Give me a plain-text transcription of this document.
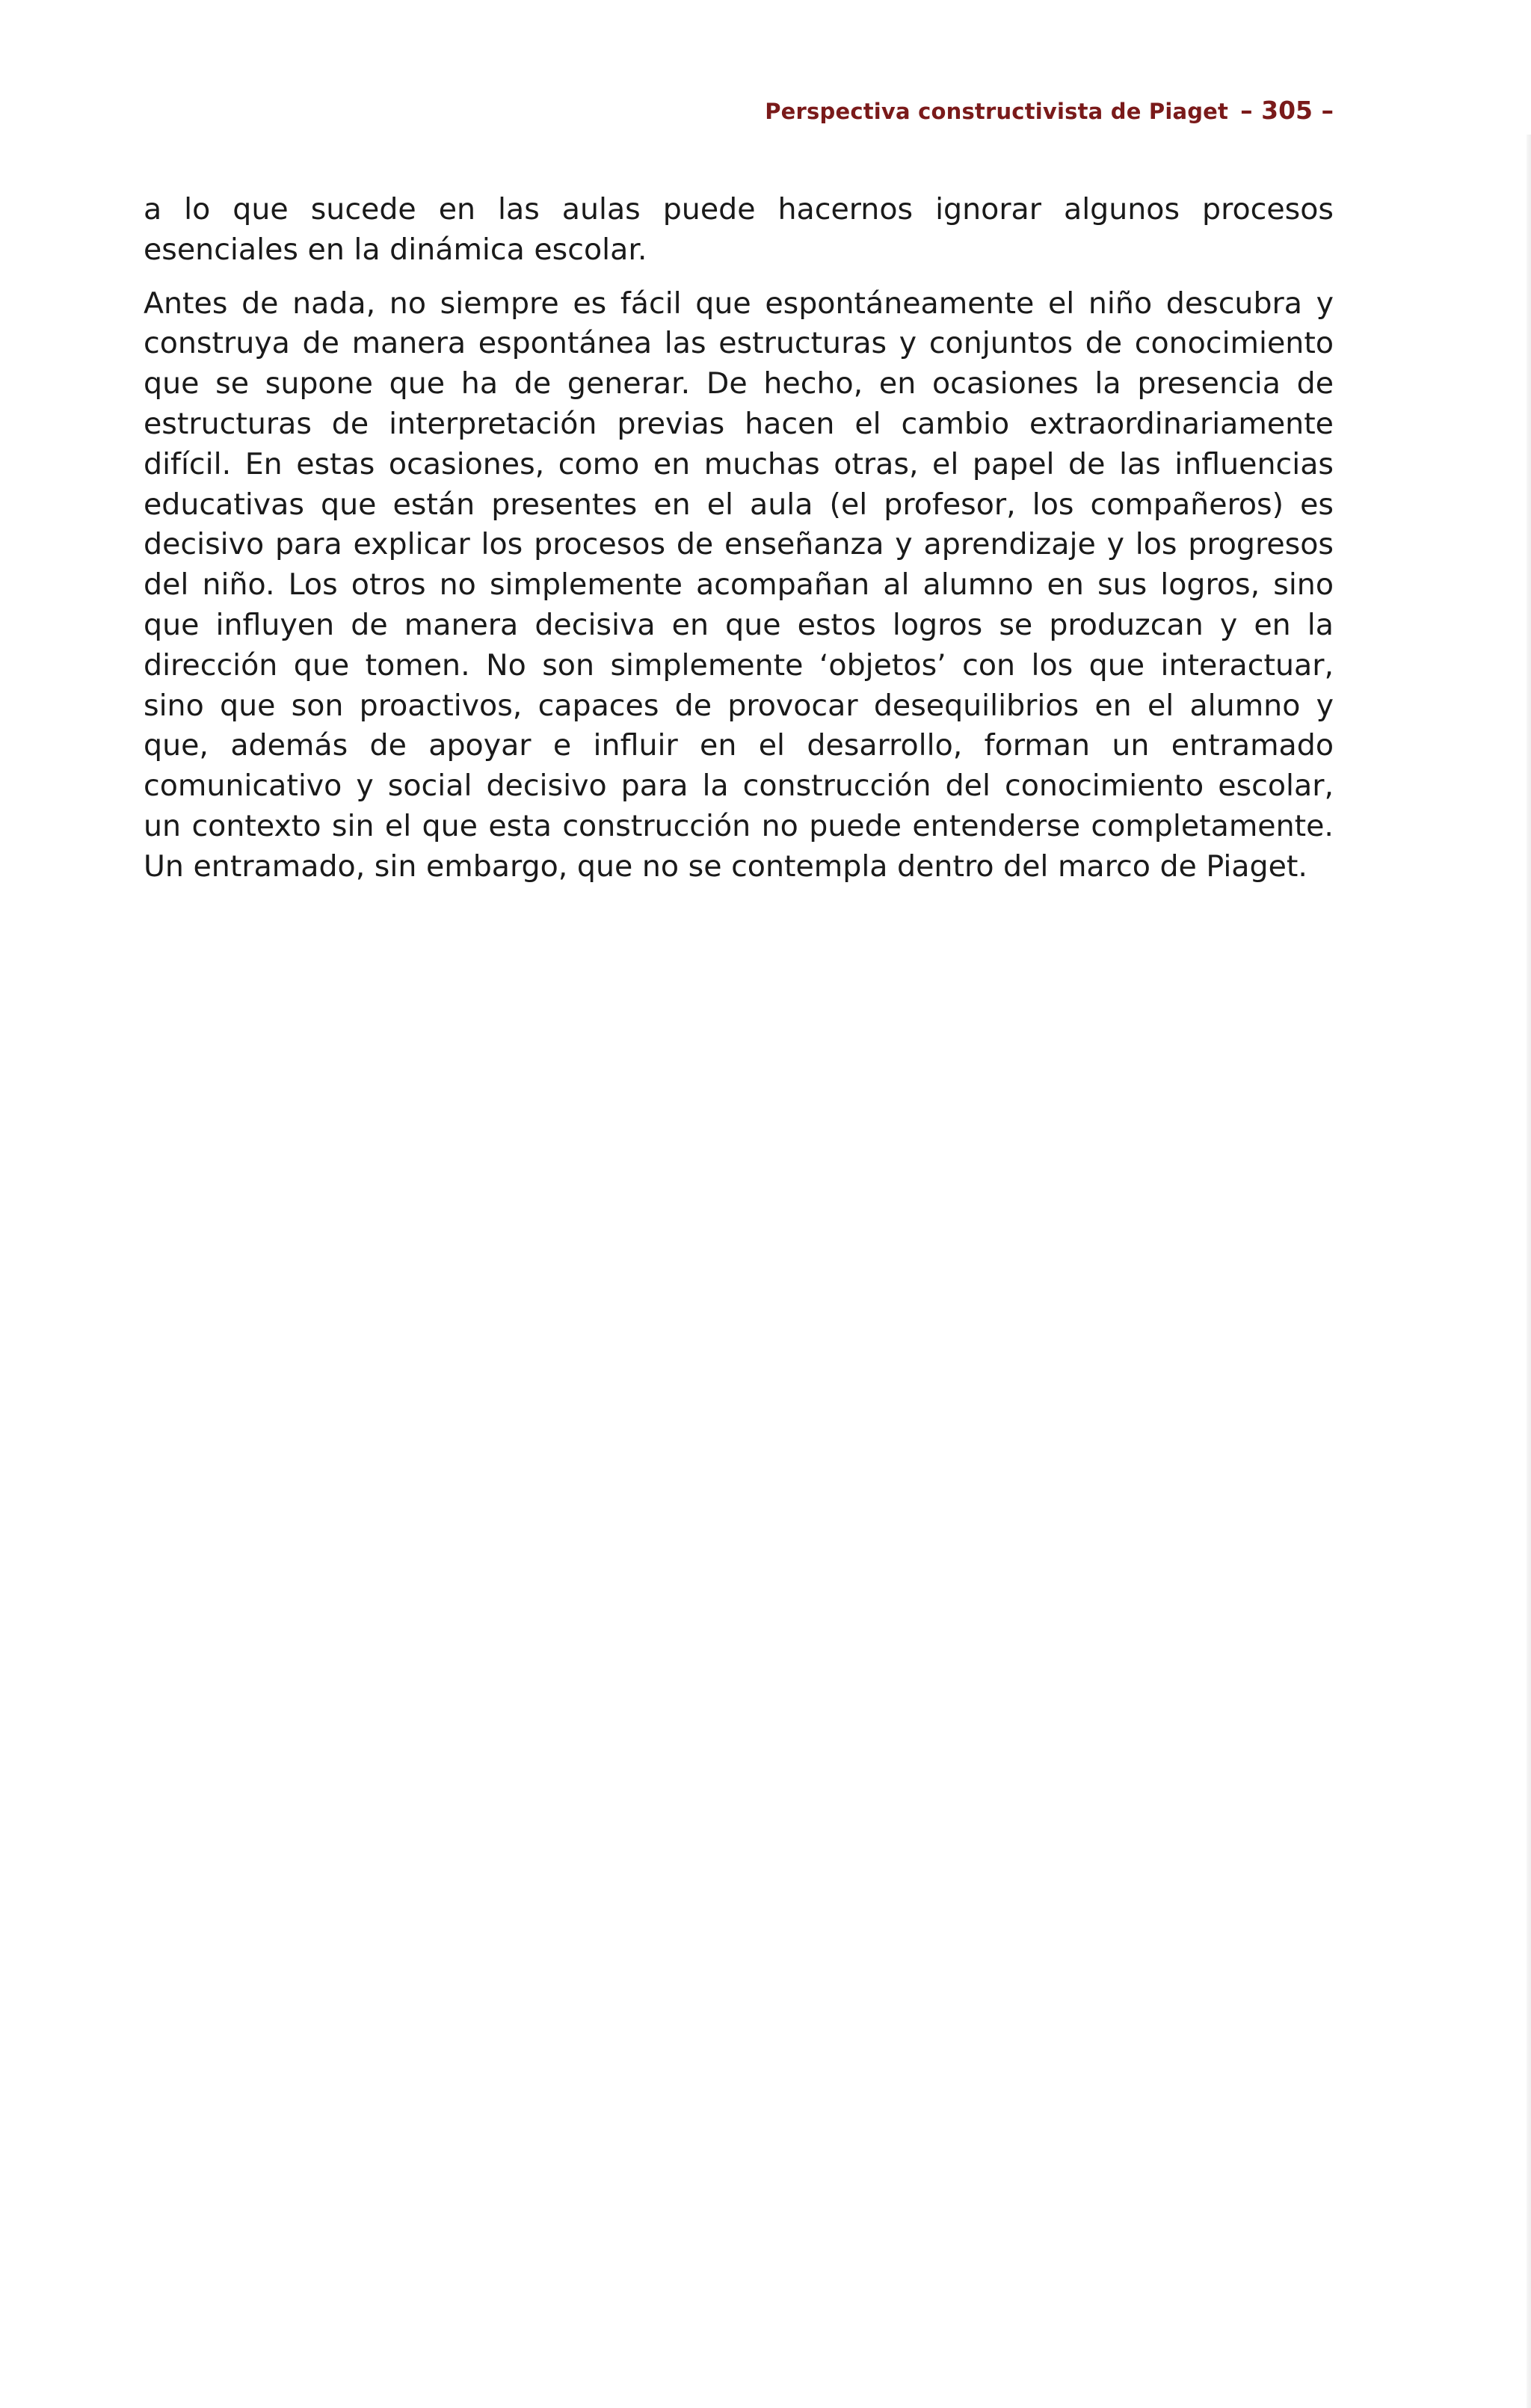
Perspectiva constructivista de Piaget – 305 –

a lo que sucede en las aulas puede hacernos ignorar algunos procesos esenciales en la dinámica escolar.

Antes de nada, no siempre es fácil que espontáneamente el niño descubra y construya de manera espontánea las estructuras y conjuntos de conocimiento que se supone que ha de generar. De hecho, en ocasiones la presencia de estructuras de interpretación previas hacen el cambio extraordinariamente difícil. En estas ocasiones, como en muchas otras, el papel de las influencias educativas que están presentes en el aula (el profesor, los compañeros) es decisivo para explicar los procesos de enseñanza y aprendizaje y los progresos del niño. Los otros no simplemente acompañan al alumno en sus logros, sino que influyen de manera decisiva en que estos logros se produzcan y en la dirección que tomen. No son simplemente ‘objetos’ con los que interactuar, sino que son proactivos, capaces de provocar desequilibrios en el alumno y que, además de apoyar e influir en el desarrollo, forman un entramado comunicativo y social decisivo para la construcción del conocimiento escolar, un contexto sin el que esta construcción no puede entenderse completamente. Un entramado, sin embargo, que no se contempla dentro del marco de Piaget.
